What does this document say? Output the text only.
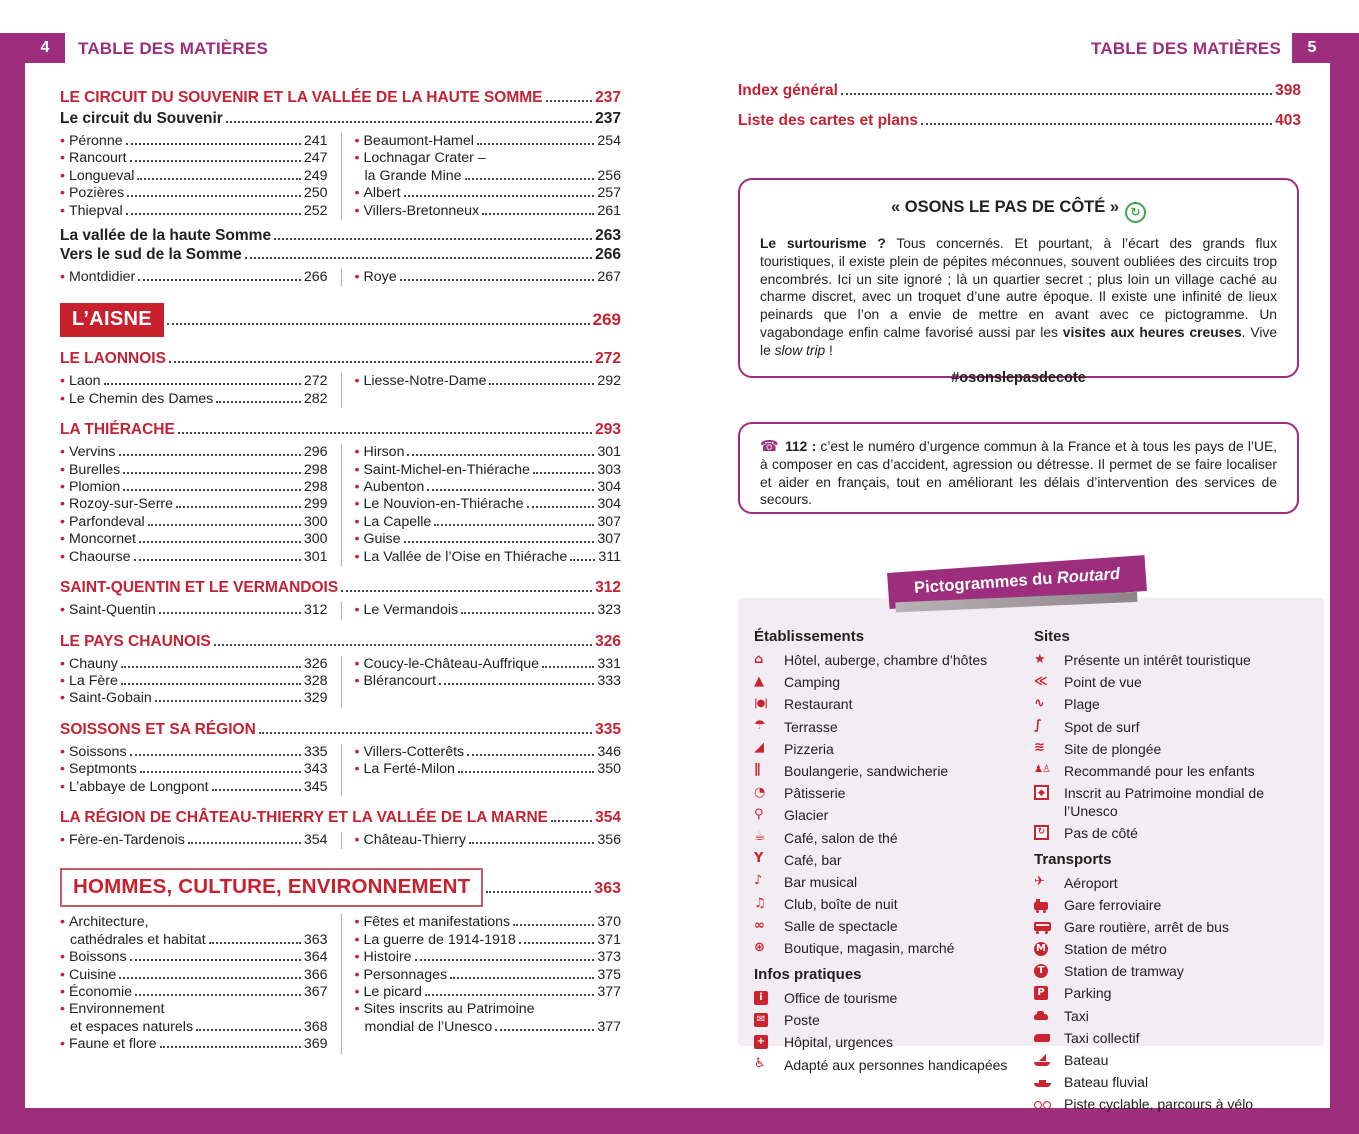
4	TABLE DES MATIÈRES	TABLE DES MATIÈRES	5
LE CIRCUIT DU SOUVENIR ET LA VALLÉE DE LA HAUTE SOMME	237
Le circuit du Souvenir	237
• Péronne	241
• Rancourt	247
• Longueval	249
• Pozières	250
• Thiepval	252
• Beaumont-Hamel	254
• Lochnagar Crater –
la Grande Mine	256
• Albert	257
• Villers-Bretonneux	261
La vallée de la haute Somme	263
Vers le sud de la Somme	266
• Montdidier	266 • Roye	267
L’AISNE	269
LE LAONNOIS	272
• Laon	272
• Le Chemin des Dames	282
• Liesse-Notre-Dame	292
LA THIÉRACHE	293
• Vervins	296
• Burelles	298
• Plomion	298
• Rozoy-sur-Serre	299
• Parfondeval	300
• Moncornet	300
• Chaourse	301
• Hirson	301
• Saint-Michel-en-Thiérache	303
• Aubenton	304
• Le Nouvion-en-Thiérache	304
• La Capelle	307
• Guise	307
• La Vallée de l’Oise en Thiérache 311
SAINT-QUENTIN ET LE VERMANDOIS	312
• Saint-Quentin	312 • Le Vermandois	323
LE PAYS CHAUNOIS	326
• Chauny	326
• La Fère	328
• Saint-Gobain	329
• Coucy-le-Château-Auffrique	331
• Blérancourt	333
SOISSONS ET SA RÉGION	335
• Soissons	335
• Septmonts	343
• L’abbaye de Longpont	345
• Villers-Cotterêts	346
• La Ferté-Milon	350
LA RÉGION DE CHÂTEAU-THIERRY ET LA VALLÉE DE LA MARNE	354
• Fère-en-Tardenois	354 • Château-Thierry	356
HOMMES, CULTURE, ENVIRONNEMENT	363
• Architecture,
cathédrales et habitat	363
• Boissons	364
• Cuisine	366
• Économie	367
• Environnement
et espaces naturels	368
• Faune et flore	369
• Fêtes et manifestations	370
• La guerre de 1914-1918	371
• Histoire	373
• Personnages	375
• Le picard	377
• Sites inscrits au Patrimoine
mondial de l’Unesco	377
Index général	398
Liste des cartes et plans	403
« OSONS LE PAS DE CÔTÉ » ↻

Le surtourisme ? Tous concernés. Et pourtant, à l’écart des grands flux touristiques, il existe plein de pépites méconnues, souvent oubliées des circuits trop encombrés. Ici un site ignoré ; là un quartier secret ; plus loin un village caché au charme discret, avec un troquet d’une autre époque. Il existe une infinité de lieux peinards que l’on a envie de mettre en avant avec ce pictogramme. Un vagabondage enfin calme favorisé aussi par les visites aux heures creuses. Vive le slow trip !

#osonslepasdecote

☎ 112 : c’est le numéro d’urgence commun à la France et à tous les pays de l’UE, à composer en cas d’accident, agression ou détresse. Il permet de se faire localiser et aider en français, tout en améliorant les délais d’intervention des services de secours.

Pictogrammes du Routard
Établissements
⌂ Hôtel, auberge, chambre d’hôtes
▲ Camping
|●| Restaurant
☂ Terrasse
◢ Pizzeria
∥ Boulangerie, sandwicherie
◔ Pâtisserie
⚲ Glacier
☕ Café, salon de thé
Y Café, bar
♪ Bar musical
♫ Club, boîte de nuit
∞ Salle de spectacle
⊛ Boutique, magasin, marché
Infos pratiques
i	Office de tourisme
✉ Poste
+ Hôpital, urgences
♿ Adapté aux personnes handicapées
Sites
★ Présente un intérêt touristique
≪ Point de vue
∿ Plage
∫ Spot de surf
≋ Site de plongée
♟♙ Recommandé pour les enfants
◆ Inscrit au Patrimoine mondial de l’Unesco
↻ Pas de côté
Transports
✈ Aéroport
Gare ferroviaire
Gare routière, arrêt de bus
M Station de métro
T Station de tramway
P Parking
Taxi
Taxi collectif
Bateau
Bateau fluvial
Piste cyclable, parcours à vélo
